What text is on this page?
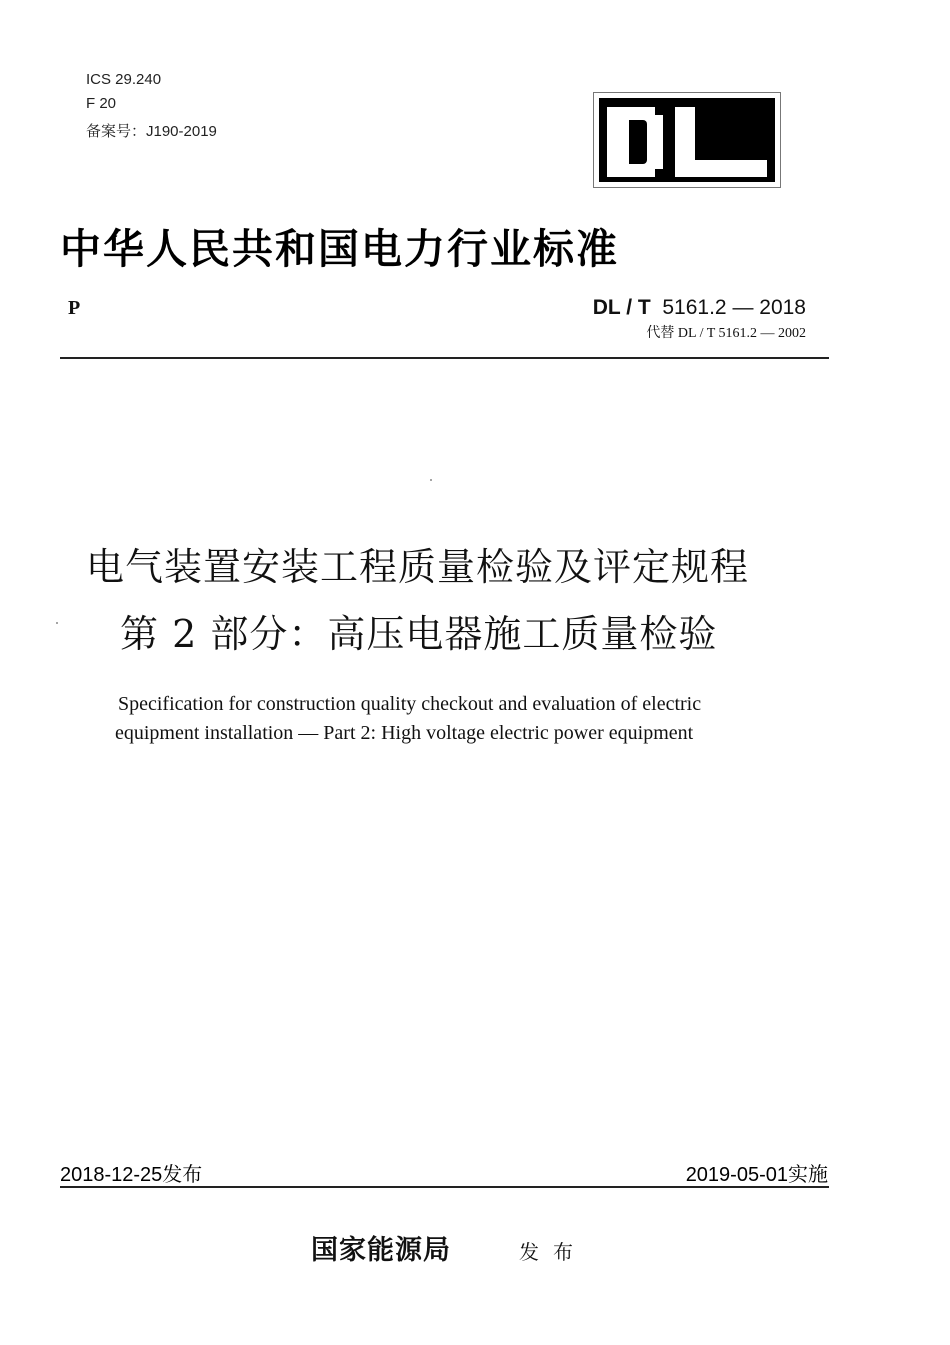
ICS 29.240
F 20
备案号：J190-2019
中华人民共和国电力行业标准
P	DL / T 5161.2 — 2018
代替 DL / T 5161.2 — 2002
电气装置安装工程质量检验及评定规程
第 2 部分：高压电器施工质量检验
Specification for construction quality checkout and evaluation of electric
equipment installation — Part 2: High voltage electric power equipment
2018-12-25发布	2019-05-01实施
国家能源局	发布
